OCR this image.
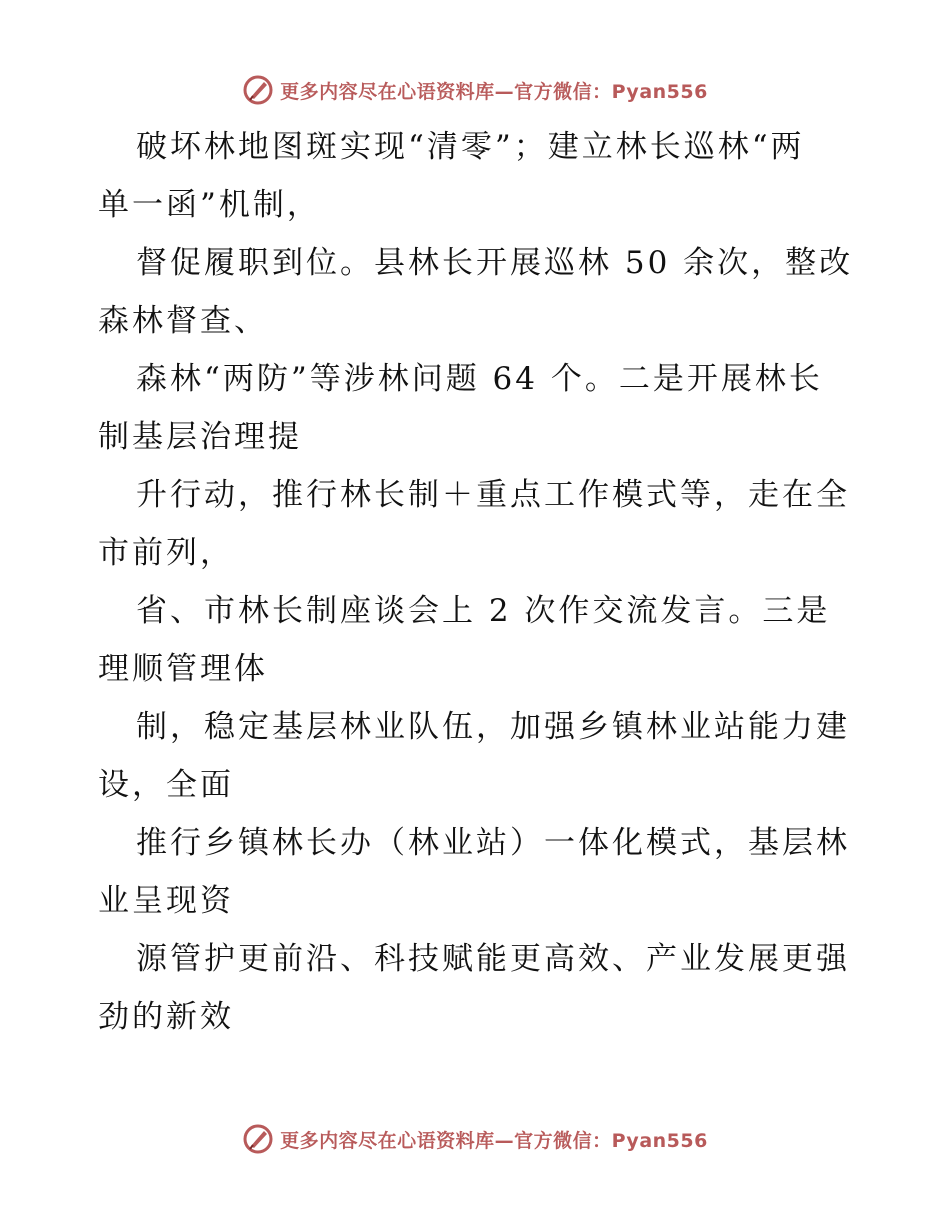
更多内容尽在心语资料库—官方微信：Pyan556
破坏林地图斑实现“清零”；建立林长巡林“两
单一函”机制，
督促履职到位。县林长开展巡林 50 余次，整改
森林督查、
森林“两防”等涉林问题 64 个。二是开展林长
制基层治理提
升行动，推行林长制＋重点工作模式等，走在全
市前列，
省、市林长制座谈会上 2 次作交流发言。三是
理顺管理体
制，稳定基层林业队伍，加强乡镇林业站能力建
设，全面
推行乡镇林长办（林业站）一体化模式，基层林
业呈现资
源管护更前沿、科技赋能更高效、产业发展更强
劲的新效
更多内容尽在心语资料库—官方微信：Pyan556
